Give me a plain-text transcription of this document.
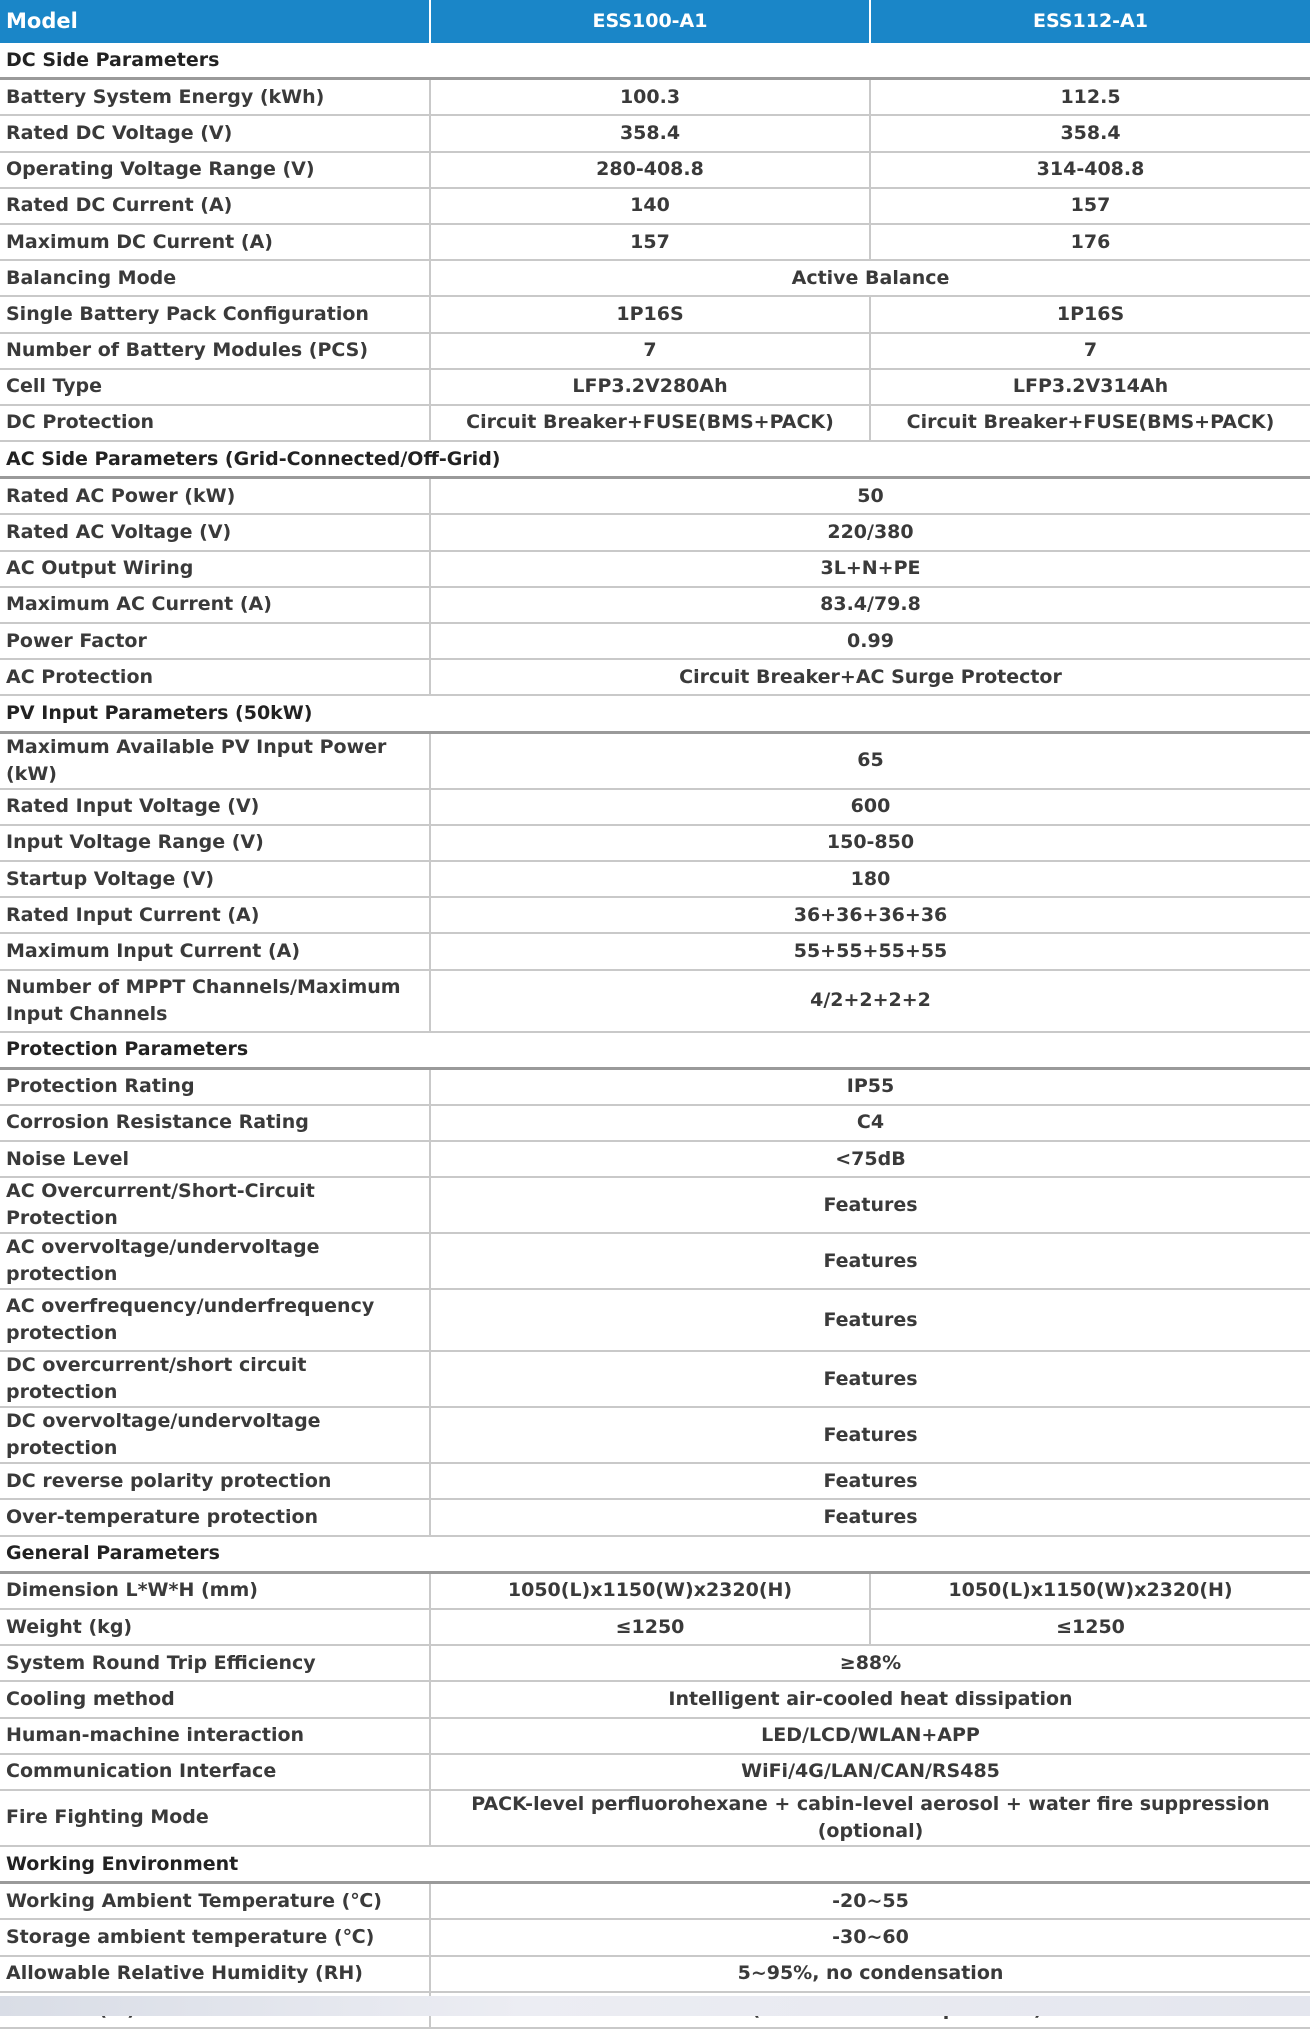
Model	ESS100-A1	ESS112-A1
DC Side Parameters		
Battery System Energy (kWh)	100.3	112.5
Rated DC Voltage (V)	358.4	358.4
Operating Voltage Range (V)	280-408.8	314-408.8
Rated DC Current (A)	140	157
Maximum DC Current (A)	157	176
Balancing Mode	Active Balance	
Single Battery Pack Configuration	1P16S	1P16S
Number of Battery Modules (PCS)	7	7
Cell Type	LFP3.2V280Ah	LFP3.2V314Ah
DC Protection	Circuit Breaker+FUSE(BMS+PACK)	Circuit Breaker+FUSE(BMS+PACK)
AC Side Parameters (Grid-Connected/Off-Grid)		
Rated AC Power (kW)	50	
Rated AC Voltage (V)	220/380	
AC Output Wiring	3L+N+PE	
Maximum AC Current (A)	83.4/79.8	
Power Factor	0.99	
AC Protection	Circuit Breaker+AC Surge Protector	
PV Input Parameters (50kW)		
Maximum Available PV Input Power (kW)	65	
Rated Input Voltage (V)	600	
Input Voltage Range (V)	150-850	
Startup Voltage (V)	180	
Rated Input Current (A)	36+36+36+36	
Maximum Input Current (A)	55+55+55+55	
Number of MPPT Channels/Maximum Input Channels	4/2+2+2+2	
Protection Parameters		
Protection Rating	IP55	
Corrosion Resistance Rating	C4	
Noise Level	<75dB	
AC Overcurrent/Short-Circuit Protection	Features	
AC overvoltage/undervoltage protection	Features	
AC overfrequency/underfrequency protection	Features	
DC overcurrent/short circuit protection	Features	
DC overvoltage/undervoltage protection	Features	
DC reverse polarity protection	Features	
Over-temperature protection	Features	
General Parameters		
Dimension L*W*H (mm)	1050(L)x1150(W)x2320(H)	1050(L)x1150(W)x2320(H)
Weight (kg)	≤1250	≤1250
System Round Trip Efficiency	≥88%	
Cooling method	Intelligent air-cooled heat dissipation	
Human-machine interaction	LED/LCD/WLAN+APP	
Communication Interface	WiFi/4G/LAN/CAN/RS485	
Fire Fighting Mode	PACK-level perfluorohexane + cabin-level aerosol + water fire suppression (optional)	
Working Environment		
Working Ambient Temperature (℃)	-20~55	
Storage ambient temperature (℃)	-30~60	
Allowable Relative Humidity (RH)	5~95%, no condensation	
